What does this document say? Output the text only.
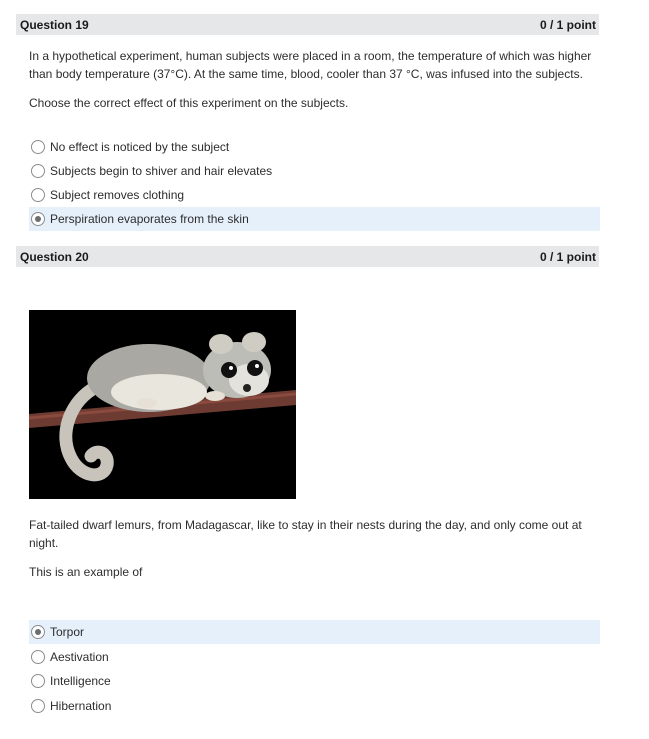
Question 19	0 / 1 point
In a hypothetical experiment, human subjects were placed in a room, the temperature of which was higher than body temperature (37°C). At the same time, blood, cooler than 37 °C, was infused into the subjects.
Choose the correct effect of this experiment on the subjects.
No effect is noticed by the subject
Subjects begin to shiver and hair elevates
Subject removes clothing
Perspiration evaporates from the skin
Question 20	0 / 1 point
Fat-tailed dwarf lemurs, from Madagascar, like to stay in their nests during the day, and only come out at night.
This is an example of
Torpor
Aestivation
Intelligence
Hibernation
